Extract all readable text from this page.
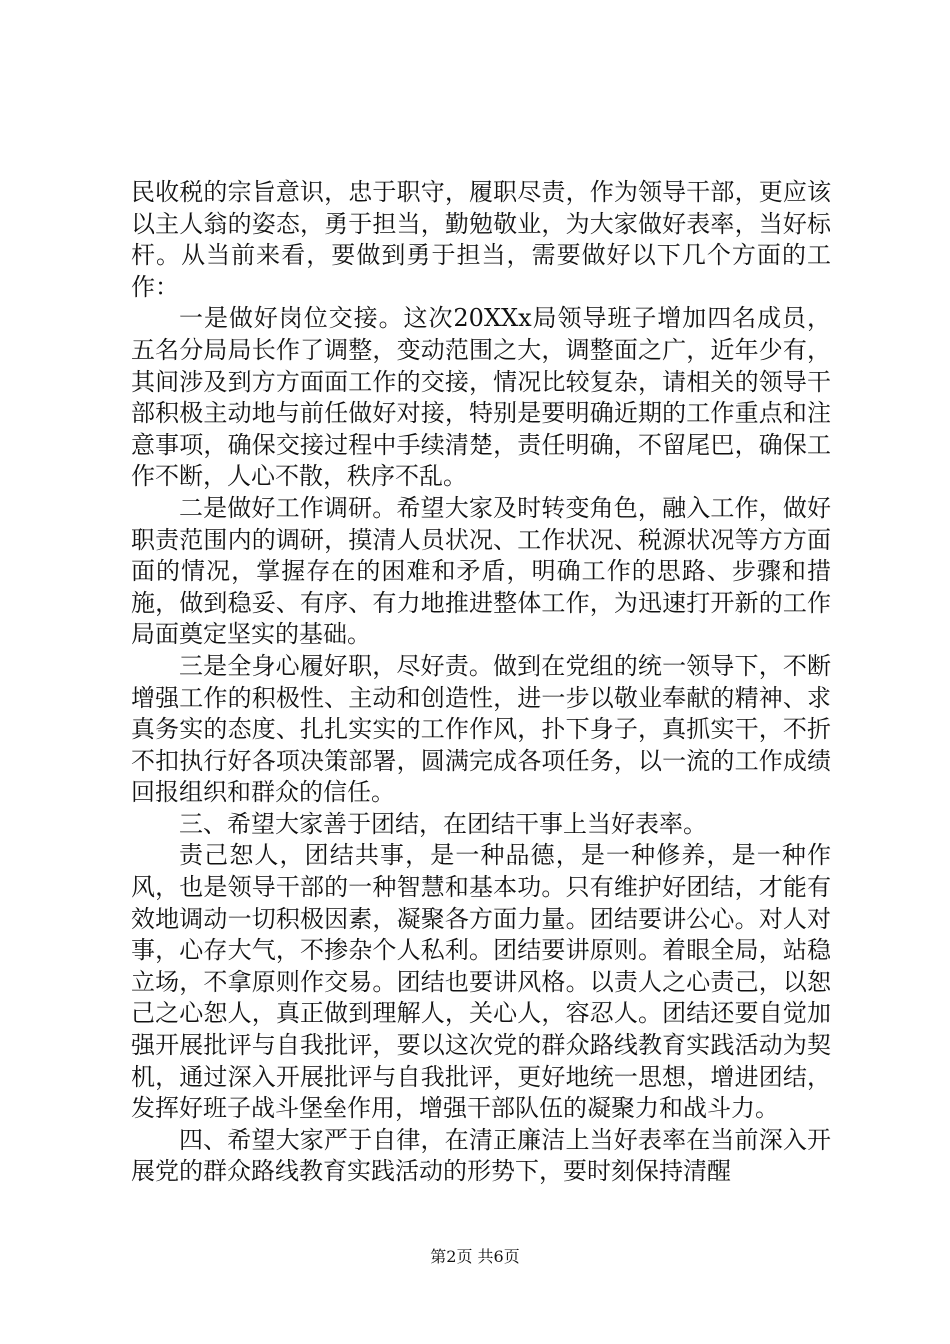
民收税的宗旨意识，忠于职守，履职尽责，作为领导干部，更应该以主人翁的姿态，勇于担当，勤勉敬业，为大家做好表率，当好标杆。从当前来看，要做到勇于担当，需要做好以下几个方面的工作：

一是做好岗位交接。这次20XXx局领导班子增加四名成员，五名分局局长作了调整，变动范围之大，调整面之广，近年少有，其间涉及到方方面面工作的交接，情况比较复杂，请相关的领导干部积极主动地与前任做好对接，特别是要明确近期的工作重点和注意事项，确保交接过程中手续清楚，责任明确，不留尾巴，确保工作不断，人心不散，秩序不乱。

二是做好工作调研。希望大家及时转变角色，融入工作，做好职责范围内的调研，摸清人员状况、工作状况、税源状况等方方面面的情况，掌握存在的困难和矛盾，明确工作的思路、步骤和措施，做到稳妥、有序、有力地推进整体工作，为迅速打开新的工作局面奠定坚实的基础。

三是全身心履好职，尽好责。做到在党组的统一领导下，不断增强工作的积极性、主动和创造性，进一步以敬业奉献的精神、求真务实的态度、扎扎实实的工作作风，扑下身子，真抓实干，不折不扣执行好各项决策部署，圆满完成各项任务，以一流的工作成绩回报组织和群众的信任。

三、希望大家善于团结，在团结干事上当好表率。

责己恕人，团结共事，是一种品德，是一种修养，是一种作风，也是领导干部的一种智慧和基本功。只有维护好团结，才能有效地调动一切积极因素，凝聚各方面力量。团结要讲公心。对人对事，心存大气，不掺杂个人私利。团结要讲原则。着眼全局，站稳立场，不拿原则作交易。团结也要讲风格。以责人之心责己，以恕己之心恕人，真正做到理解人，关心人，容忍人。团结还要自觉加强开展批评与自我批评，要以这次党的群众路线教育实践活动为契机，通过深入开展批评与自我批评，更好地统一思想，增进团结，发挥好班子战斗堡垒作用，增强干部队伍的凝聚力和战斗力。

四、希望大家严于自律，在清正廉洁上当好表率在当前深入开展党的群众路线教育实践活动的形势下，要时刻保持清醒

第2页 共6页
